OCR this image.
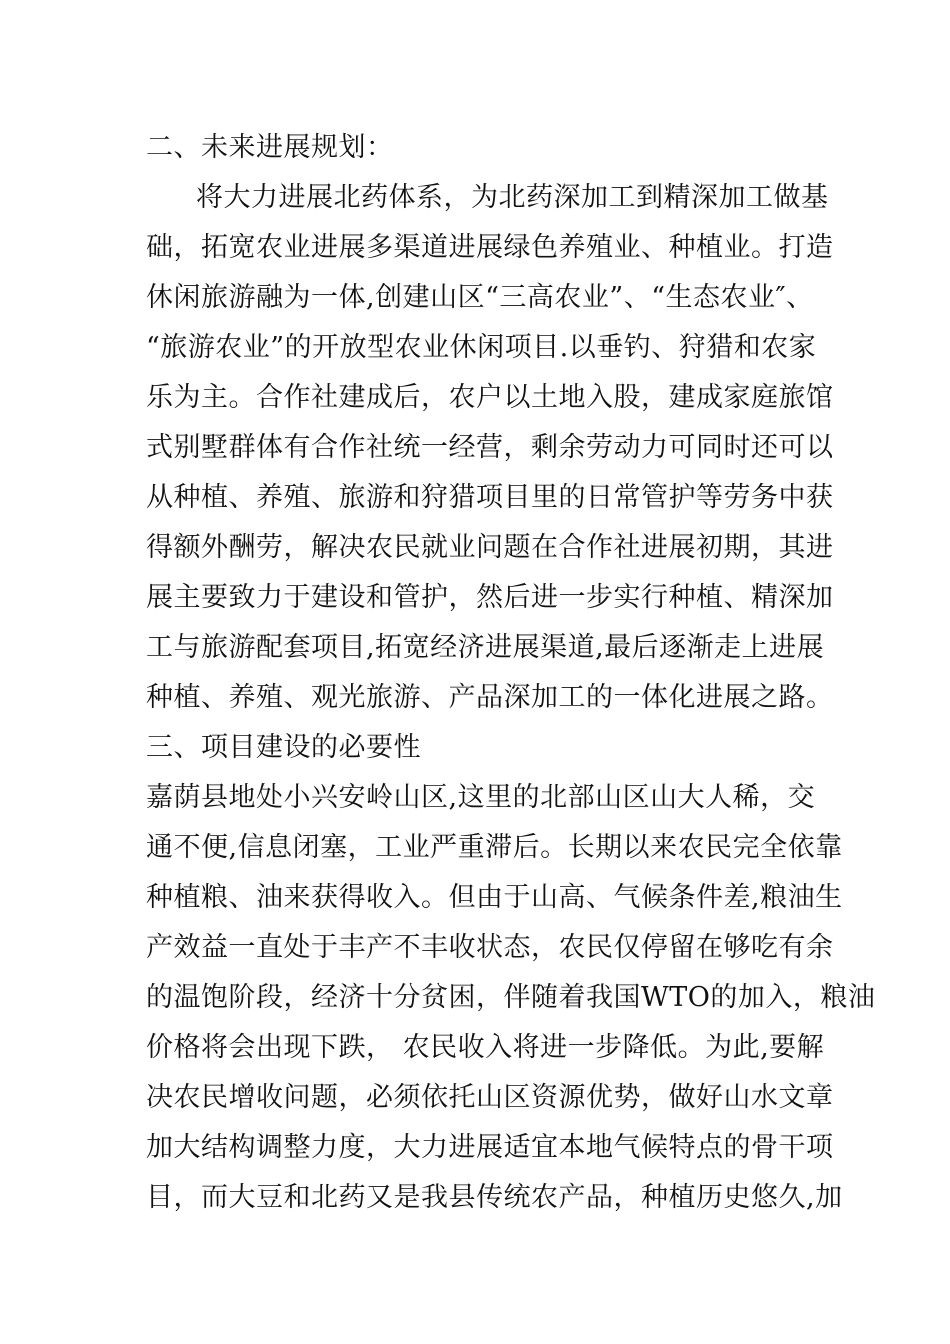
二、未来进展规划：
将大力进展北药体系，为北药深加工到精深加工做基
础，拓宽农业进展多渠道进展绿色养殖业、种植业。打造
休闲旅游融为一体,创建山区“三高农业”、“生态农业″、
“旅游农业”的开放型农业休闲项目.以垂钓、狩猎和农家
乐为主。合作社建成后，农户以土地入股，建成家庭旅馆
式别墅群体有合作社统一经营，剩余劳动力可同时还可以
从种植、养殖、旅游和狩猎项目里的日常管护等劳务中获
得额外酬劳，解决农民就业问题在合作社进展初期，其进
展主要致力于建设和管护，然后进一步实行种植、精深加
工与旅游配套项目,拓宽经济进展渠道,最后逐渐走上进展
种植、养殖、观光旅游、产品深加工的一体化进展之路。
三、项目建设的必要性
嘉荫县地处小兴安岭山区,这里的北部山区山大人稀，交
通不便,信息闭塞，工业严重滞后。长期以来农民完全依靠
种植粮、油来获得收入。但由于山高、气候条件差,粮油生
产效益一直处于丰产不丰收状态，农民仅停留在够吃有余
的温饱阶段，经济十分贫困，伴随着我国WTO的加入，粮油
价格将会出现下跌， 农民收入将进一步降低。为此,要解
决农民增收问题，必须依托山区资源优势，做好山水文章
加大结构调整力度，大力进展适宜本地气候特点的骨干项
目，而大豆和北药又是我县传统农产品，种植历史悠久,加
